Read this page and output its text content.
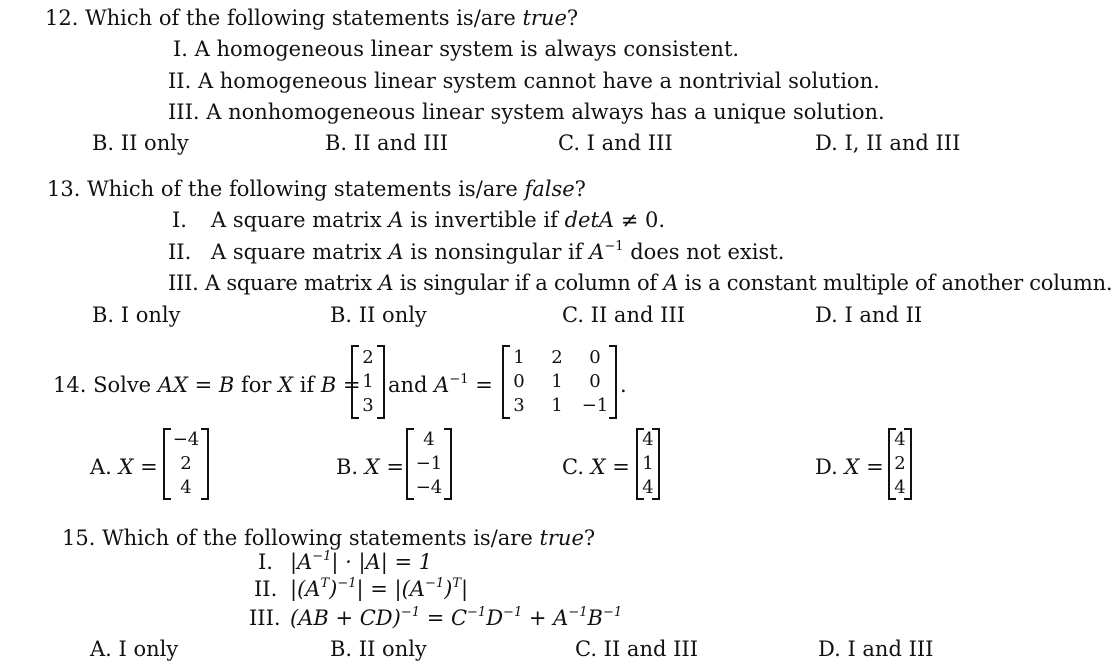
12. Which of the following statements is/are true?
I. A homogeneous linear system is always consistent.
II. A homogeneous linear system cannot have a nontrivial solution.
III. A nonhomogeneous linear system always has a unique solution.
B. II only	B. II and III	C. I and III	D. I, II and III
13. Which of the following statements is/are false?
I. A square matrix A is invertible if detA ≠ 0.
II. A square matrix A is nonsingular if $A^{-1}$ does not exist.
III. A square matrix A is singular if a column of A is a constant multiple of another column.
B. I only	B. II only	C. II and III	D. I and II
14. Solve AX = B for X if B =
2
1
3
and $A^{-1}$ =
1	2	0
0	1	0
3	1	−1
.
A. X =
−4
2
4
B. X =
4
−1
−4
C. X =
4
1
4
D. X =
4
2
4
15. Which of the following statements is/are true?
I. $|A^{-1}| \cdot |A| = 1$
II. $|(A^T)^{-1}| = |(A^{-1})^T|$
III. $(AB + CD)^{-1} = C^{-1}D^{-1} + A^{-1}B^{-1}$
A. I only	B. II only	C. II and III	D. I and III
